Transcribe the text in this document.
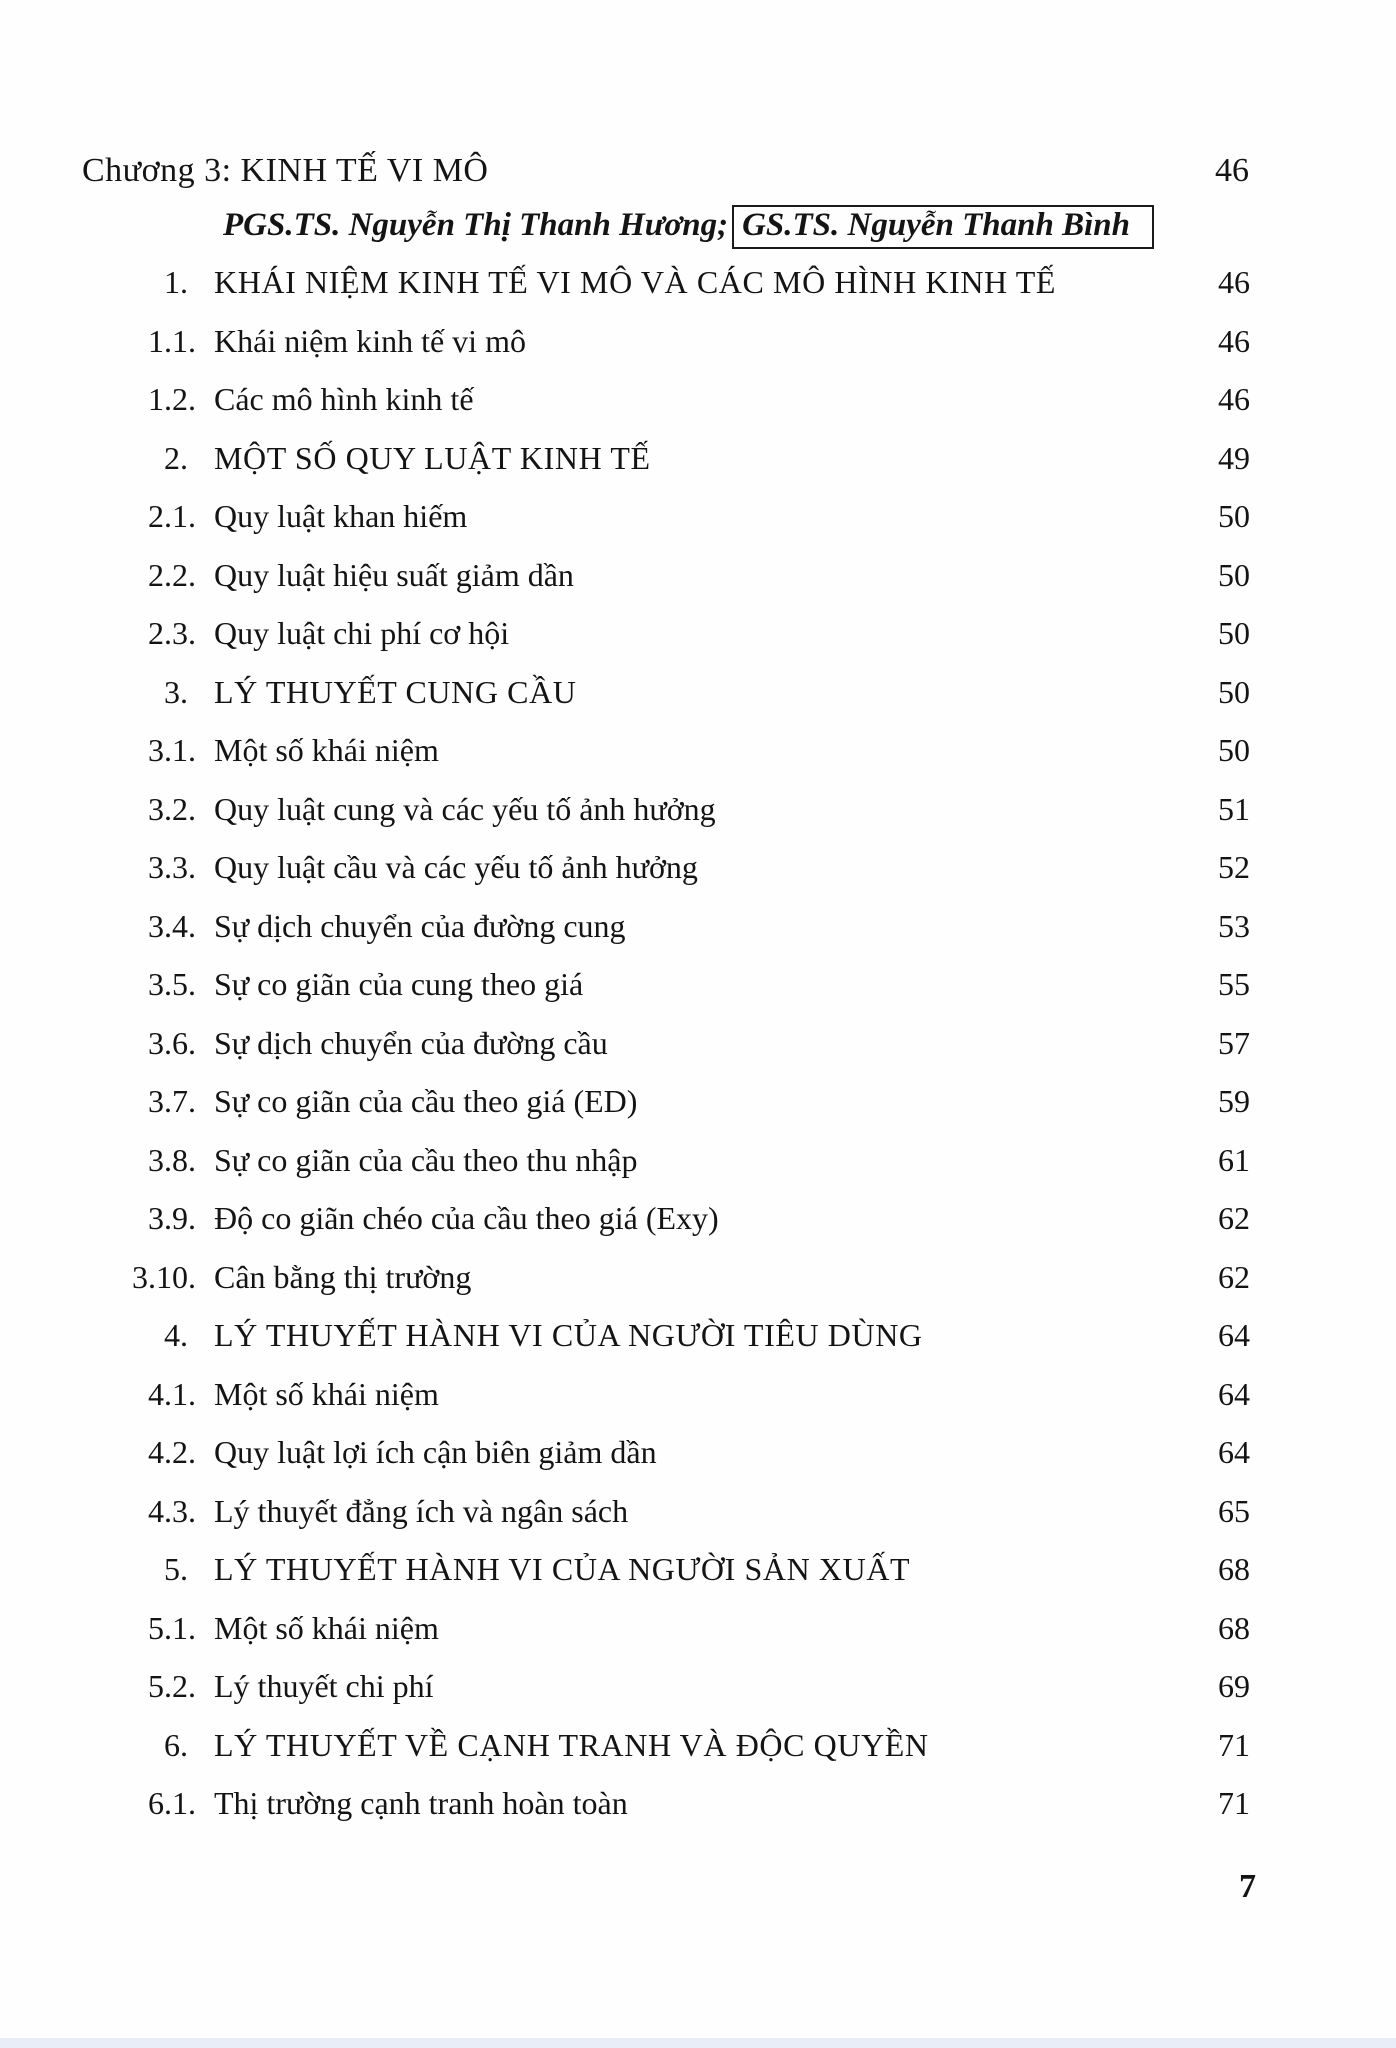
Chương 3: KINH TẾ VI MÔ	46
PGS.TS. Nguyễn Thị Thanh Hương; GS.TS. Nguyễn Thanh Bình
1. KHÁI NIỆM KINH TẾ VI MÔ VÀ CÁC MÔ HÌNH KINH TẾ	46
1.1. Khái niệm kinh tế vi mô	46
1.2. Các mô hình kinh tế	46
2. MỘT SỐ QUY LUẬT KINH TẾ	49
2.1. Quy luật khan hiếm	50
2.2. Quy luật hiệu suất giảm dần	50
2.3. Quy luật chi phí cơ hội	50
3. LÝ THUYẾT CUNG CẦU	50
3.1. Một số khái niệm	50
3.2. Quy luật cung và các yếu tố ảnh hưởng	51
3.3. Quy luật cầu và các yếu tố ảnh hưởng	52
3.4. Sự dịch chuyển của đường cung	53
3.5. Sự co giãn của cung theo giá	55
3.6. Sự dịch chuyển của đường cầu	57
3.7. Sự co giãn của cầu theo giá (ED)	59
3.8. Sự co giãn của cầu theo thu nhập	61
3.9. Độ co giãn chéo của cầu theo giá (Exy)	62
3.10. Cân bằng thị trường	62
4. LÝ THUYẾT HÀNH VI CỦA NGƯỜI TIÊU DÙNG	64
4.1. Một số khái niệm	64
4.2. Quy luật lợi ích cận biên giảm dần	64
4.3. Lý thuyết đẳng ích và ngân sách	65
5. LÝ THUYẾT HÀNH VI CỦA NGƯỜI SẢN XUẤT	68
5.1. Một số khái niệm	68
5.2. Lý thuyết chi phí	69
6. LÝ THUYẾT VỀ CẠNH TRANH VÀ ĐỘC QUYỀN	71
6.1. Thị trường cạnh tranh hoàn toàn	71
7
